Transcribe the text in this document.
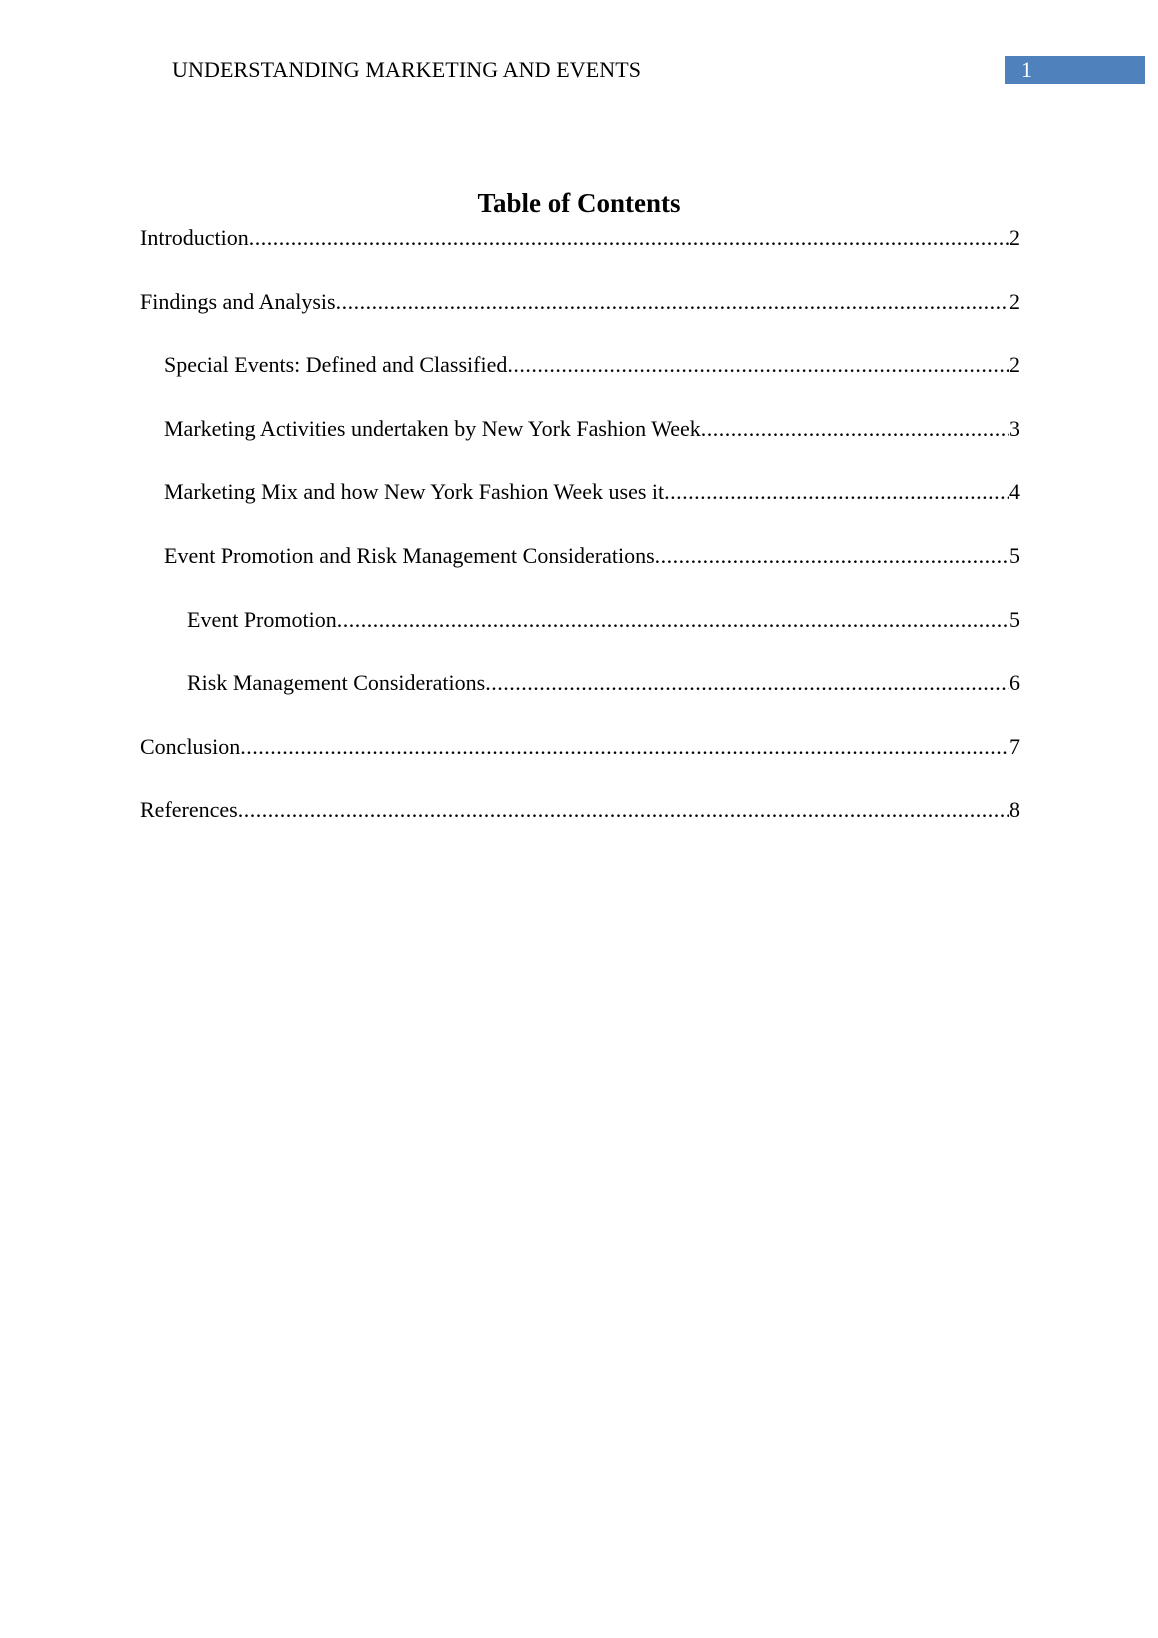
UNDERSTANDING MARKETING AND EVENTS	1
Table of Contents
Introduction .....	2
Findings and Analysis .....	2
Special Events: Defined and Classified .....	2
Marketing Activities undertaken by New York Fashion Week .....	3
Marketing Mix and how New York Fashion Week uses it .....	4
Event Promotion and Risk Management Considerations .....	5
Event Promotion .....	5
Risk Management Considerations .....	6
Conclusion .....	7
References .....	8
